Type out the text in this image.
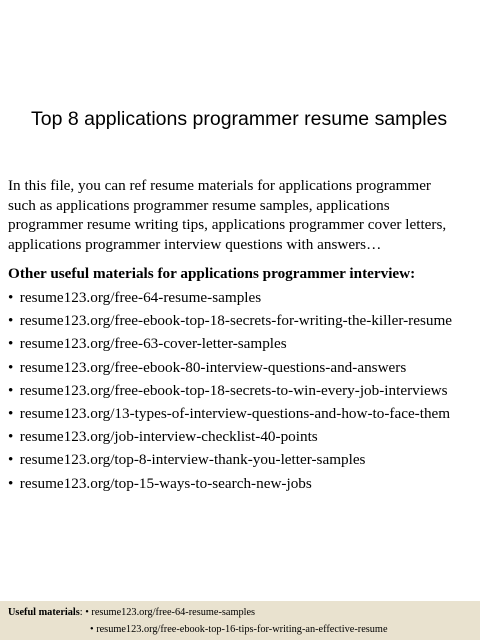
Top 8 applications programmer resume samples
In this file, you can ref resume materials for applications programmer
such as applications programmer resume samples, applications
programmer resume writing tips, applications programmer cover letters,
applications programmer interview questions with answers…
Other useful materials for applications programmer interview:
• resume123.org/free-64-resume-samples
• resume123.org/free-ebook-top-18-secrets-for-writing-the-killer-resume
• resume123.org/free-63-cover-letter-samples
• resume123.org/free-ebook-80-interview-questions-and-answers
• resume123.org/free-ebook-top-18-secrets-to-win-every-job-interviews
• resume123.org/13-types-of-interview-questions-and-how-to-face-them
• resume123.org/job-interview-checklist-40-points
• resume123.org/top-8-interview-thank-you-letter-samples
• resume123.org/top-15-ways-to-search-new-jobs
Useful materials: • resume123.org/free-64-resume-samples
• resume123.org/free-ebook-top-16-tips-for-writing-an-effective-resume
